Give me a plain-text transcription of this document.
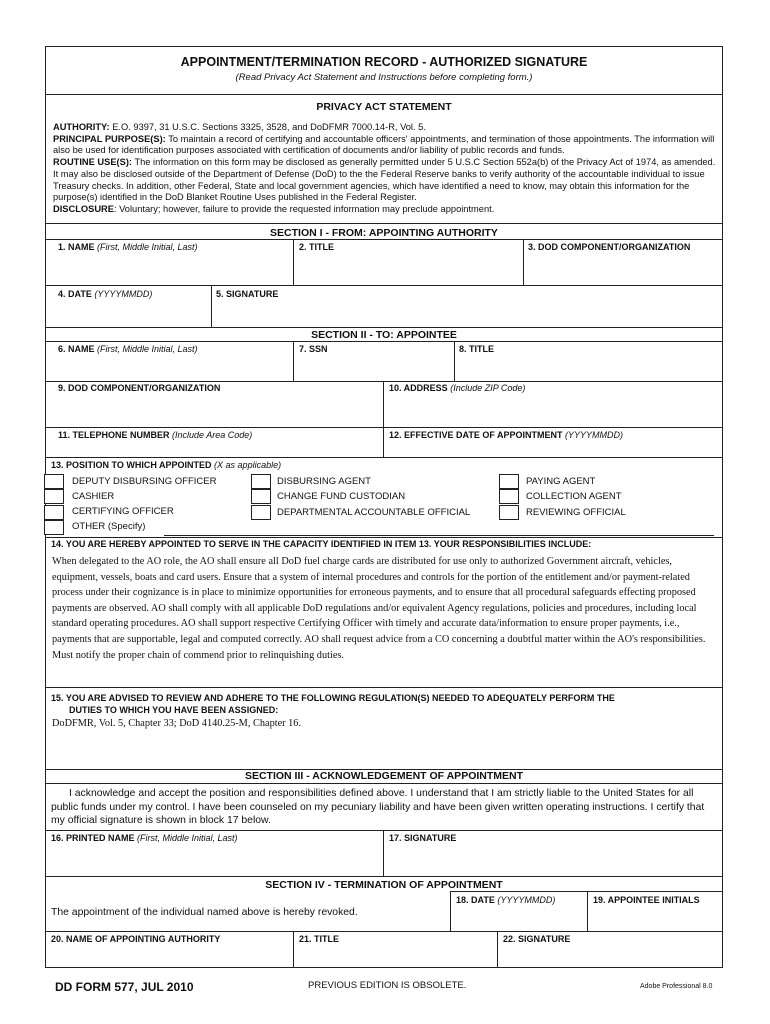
APPOINTMENT/TERMINATION RECORD - AUTHORIZED SIGNATURE
(Read Privacy Act Statement and Instructions before completing form.)
PRIVACY ACT STATEMENT
AUTHORITY: E.O. 9397, 31 U.S.C. Sections 3325, 3528, and DoDFMR 7000.14-R, Vol. 5.
PRINCIPAL PURPOSE(S): To maintain a record of certifying and accountable officers' appointments, and termination of those appointments. The information will also be used for identification purposes associated with certification of documents and/or liability of public records and funds.
ROUTINE USE(S): The information on this form may be disclosed as generally permitted under 5 U.S.C Section 552a(b) of the Privacy Act of 1974, as amended. It may also be disclosed outside of the Department of Defense (DoD) to the the Federal Reserve banks to verify authority of the accountable individual to issue Treasury checks. In addition, other Federal, State and local government agencies, which have identified a need to know, may obtain this information for the purpose(s) identified in the DoD Blanket Routine Uses published in the Federal Register.
DISCLOSURE: Voluntary; however, failure to provide the requested information may preclude appointment.
SECTION I - FROM: APPOINTING AUTHORITY
1. NAME (First, Middle Initial, Last)	2. TITLE	3. DOD COMPONENT/ORGANIZATION
4. DATE (YYYYMMDD)	5. SIGNATURE
SECTION II - TO: APPOINTEE
6. NAME (First, Middle Initial, Last)	7. SSN	8. TITLE
9. DOD COMPONENT/ORGANIZATION	10. ADDRESS (Include ZIP Code)
11. TELEPHONE NUMBER (Include Area Code)	12. EFFECTIVE DATE OF APPOINTMENT (YYYYMMDD)
13. POSITION TO WHICH APPOINTED (X as applicable)
DEPUTY DISBURSING OFFICER
CASHIER
CERTIFYING OFFICER
OTHER (Specify)
DISBURSING AGENT
CHANGE FUND CUSTODIAN
DEPARTMENTAL ACCOUNTABLE OFFICIAL
PAYING AGENT
COLLECTION AGENT
REVIEWING OFFICIAL
14. YOU ARE HEREBY APPOINTED TO SERVE IN THE CAPACITY IDENTIFIED IN ITEM 13. YOUR RESPONSIBILITIES INCLUDE:
When delegated to the AO role, the AO shall ensure all DoD fuel charge cards are distributed for use only to authorized Government aircraft, vehicles, equipment, vessels, boats and card users. Ensure that a system of internal procedures and controls for the portion of the entitlement and/or payment-related process under their cognizance is in place to minimize opportunities for erroneous payments, and to ensure that all procedural safeguards effecting proposed payments are observed. AO shall comply with all applicable DoD regulations and/or equivalent Agency regulations, policies and procedures, including local standard operating procedures. AO shall support respective Certifying Officer with timely and accurate data/information to ensure proper payments, i.e., payments that are supportable, legal and computed correctly. AO shall request advice from a CO concerning a doubtful matter within the AO's responsibilities. Must notify the proper chain of commend prior to relinquishing duties.
15. YOU ARE ADVISED TO REVIEW AND ADHERE TO THE FOLLOWING REGULATION(S) NEEDED TO ADEQUATELY PERFORM THE
DUTIES TO WHICH YOU HAVE BEEN ASSIGNED:
DoDFMR, Vol. 5, Chapter 33; DoD 4140.25-M, Chapter 16.
SECTION III - ACKNOWLEDGEMENT OF APPOINTMENT
I acknowledge and accept the position and responsibilities defined above. I understand that I am strictly liable to the United States for all public funds under my control. I have been counseled on my pecuniary liability and have been given written operating instructions. I certify that my official signature is shown in block 17 below.
16. PRINTED NAME (First, Middle Initial, Last)	17. SIGNATURE
SECTION IV - TERMINATION OF APPOINTMENT
18. DATE (YYYYMMDD)	19. APPOINTEE INITIALS
The appointment of the individual named above is hereby revoked.
20. NAME OF APPOINTING AUTHORITY	21. TITLE	22. SIGNATURE
DD FORM 577, JUL 2010	PREVIOUS EDITION IS OBSOLETE.	Adobe Professional 8.0
